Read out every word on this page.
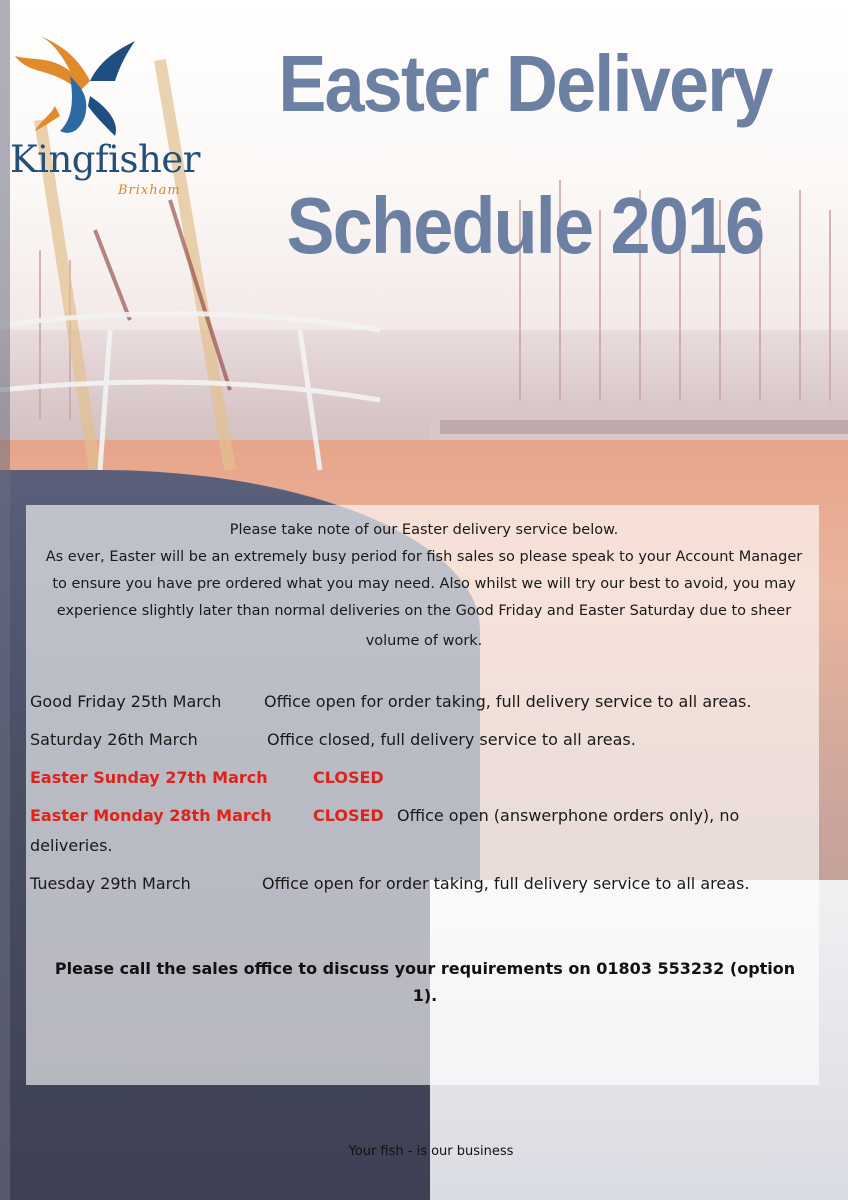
Kingfisher
Brixham
Easter Delivery
Schedule 2016
Please take note of our Easter delivery service below.
As ever, Easter will be an extremely busy period for fish sales so please speak to your Account Manager
to ensure you have pre ordered what you may need. Also whilst we will try our best to avoid, you may
experience slightly later than normal deliveries on the Good Friday and Easter Saturday due to sheer
volume of work.
Good Friday 25th March	Office open for order taking, full delivery service to all areas.
Saturday 26th March	Office closed, full delivery service to all areas.
Easter Sunday 27th March	CLOSED
Easter Monday 28th March	CLOSED Office open (answerphone orders only), no
deliveries.
Tuesday 29th March	Office open for order taking, full delivery service to all areas.
Please call the sales office to discuss your requirements on 01803 553232 (option
1).
Your fish - is our business
